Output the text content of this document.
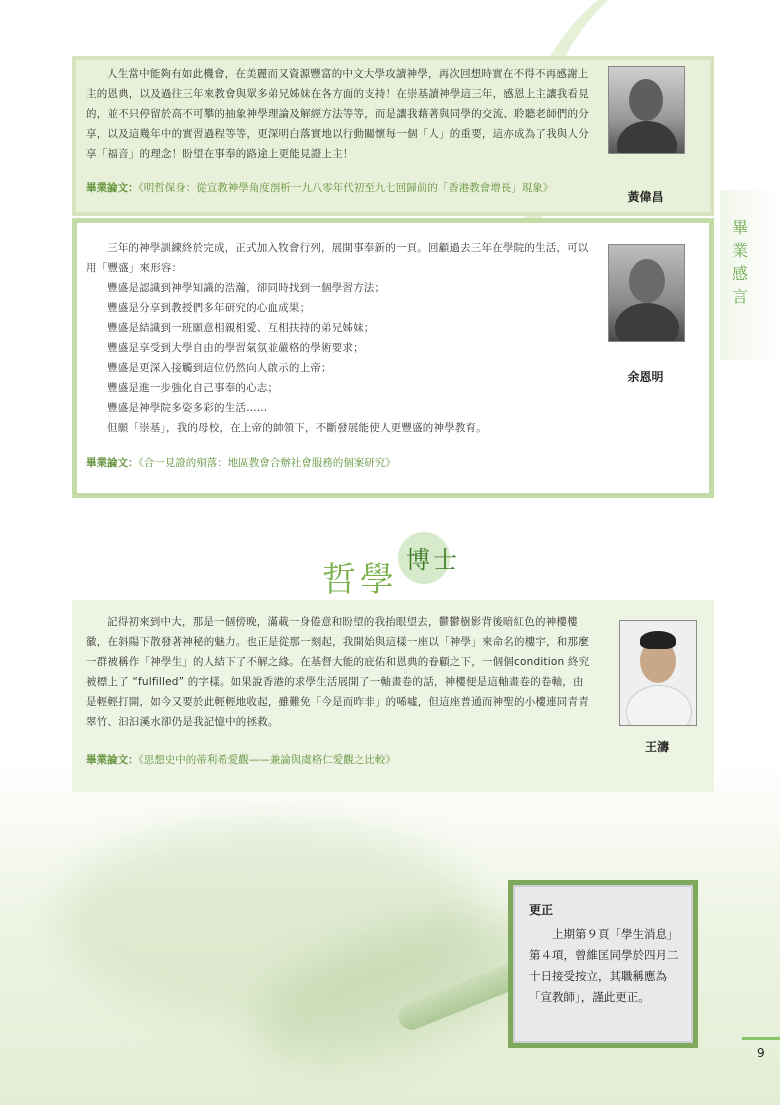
畢
業
感
言

人生當中能夠有如此機會，在美麗而又資源豐富的中文大學攻讀神學，再次回想時實在不得不再感謝上主的恩典，以及過往三年來教會與眾多弟兄姊妹在各方面的支持！在崇基讀神學這三年，感恩上主讓我看見的，並不只停留於高不可攀的抽象神學理論及解經方法等等，而是讓我藉著與同學的交流、聆聽老師們的分享，以及這幾年中的實習過程等等，更深明白落實地以行動關懷每一個「人」的重要，這亦成為了我與人分享「福音」的理念！盼望在事奉的路途上更能見證上主！

畢業論文：《明哲保身：從宣教神學角度剖析一九八零年代初至九七回歸前的「香港教會增長」現象》
黃偉昌

三年的神學訓練終於完成，正式加入牧會行列，展開事奉新的一頁。回顧過去三年在學院的生活，可以用「豐盛」來形容：

豐盛是認識到神學知識的浩瀚，卻同時找到一個學習方法；

豐盛是分享到教授們多年研究的心血成果；

豐盛是結識到一班願意相親相愛、互相扶持的弟兄姊妹；

豐盛是享受到大學自由的學習氣氛並嚴格的學術要求；

豐盛是更深入接觸到這位仍然向人啟示的上帝；

豐盛是進一步強化自己事奉的心志；

豐盛是神學院多姿多彩的生活……

但願「崇基」，我的母校，在上帝的帥領下，不斷發展能使人更豐盛的神學教育。

畢業論文：《合一見證的殞落：地區教會合辦社會服務的個案研究》
余恩明
哲學 博士

記得初來到中大，那是一個傍晚，滿載一身倦意和盼望的我抬眼望去，鬱鬱樹影背後暗紅色的神樓樓徽，在斜陽下散發著神秘的魅力。也正是從那一刻起，我開始與這樣一座以「神學」來命名的樓宇，和那麼一群被稱作「神學生」的人結下了不解之緣。在基督大能的庇佑和恩典的眷顧之下，一個個condition 終究被標上了 “fulfilled” 的字樣。如果說香港的求學生活展開了一軸畫卷的話，神樓便是這軸畫卷的卷軸，由是輕輕打開，如今又要於此輕輕地收起，雖難免「今是而昨非」的唏噓，但這座普通而神聖的小樓連同青青翠竹、汩汩溪水卻仍是我記憶中的拯救。

畢業論文：《思想史中的蒂利希愛觀——兼論與虞格仁愛觀之比較》
王濤
更正
上期第９頁「學生消息」第４項，曾維匡同學於四月二十日接受按立，其職稱應為「宣教師」，謹此更正。
9
